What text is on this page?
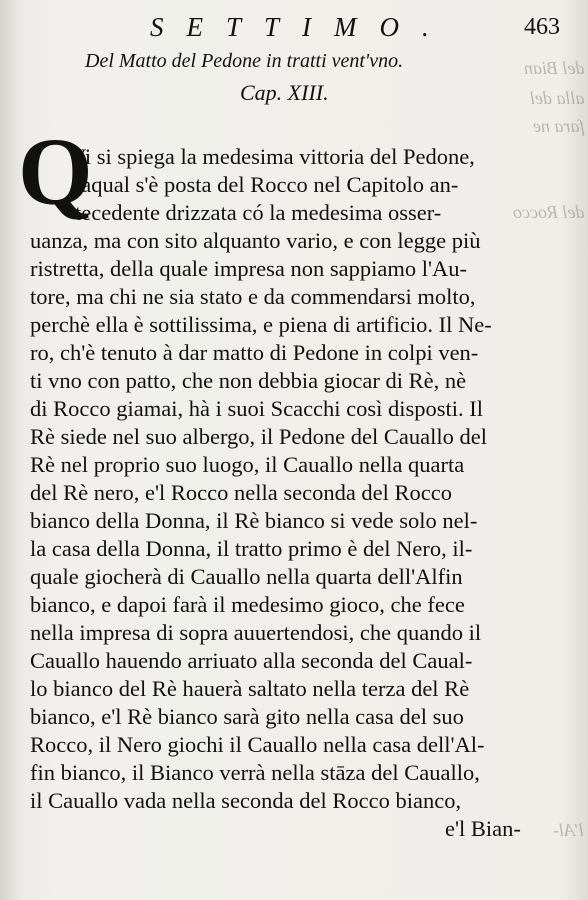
del Bian
alla del
fara ne
del Rocco
l'Al-
SETTIMO.	463
Del Matto del Pedone in tratti vent'vno.
Cap. XIII.
Q
Vi si spiega la medesima vittoria del Pedone,
laqual s'è posta del Rocco nel Capitolo an-
tecedente drizzata có la medesima osser-
uanza, ma con sito alquanto vario, e con legge più
ristretta, della quale impresa non sappiamo l'Au-
tore, ma chi ne sia stato e da commendarsi molto,
perchè ella è sottilissima, e piena di artificio. Il Ne-
ro, ch'è tenuto à dar matto di Pedone in colpi ven-
ti vno con patto, che non debbia giocar di Rè, nè
di Rocco giamai, hà i suoi Scacchi così disposti. Il
Rè siede nel suo albergo, il Pedone del Cauallo del
Rè nel proprio suo luogo, il Cauallo nella quarta
del Rè nero, e'l Rocco nella seconda del Rocco
bianco della Donna, il Rè bianco si vede solo nel-
la casa della Donna, il tratto primo è del Nero, il-
quale giocherà di Cauallo nella quarta dell'Alfin
bianco, e dapoi farà il medesimo gioco, che fece
nella impresa di sopra auuertendosi, che quando il
Cauallo hauendo arriuato alla seconda del Caual-
lo bianco del Rè hauerà saltato nella terza del Rè
bianco, e'l Rè bianco sarà gito nella casa del suo
Rocco, il Nero giochi il Cauallo nella casa dell'Al-
fin bianco, il Bianco verrà nella stāza del Cauallo,
il Cauallo vada nella seconda del Rocco bianco,
e'l Bian-
